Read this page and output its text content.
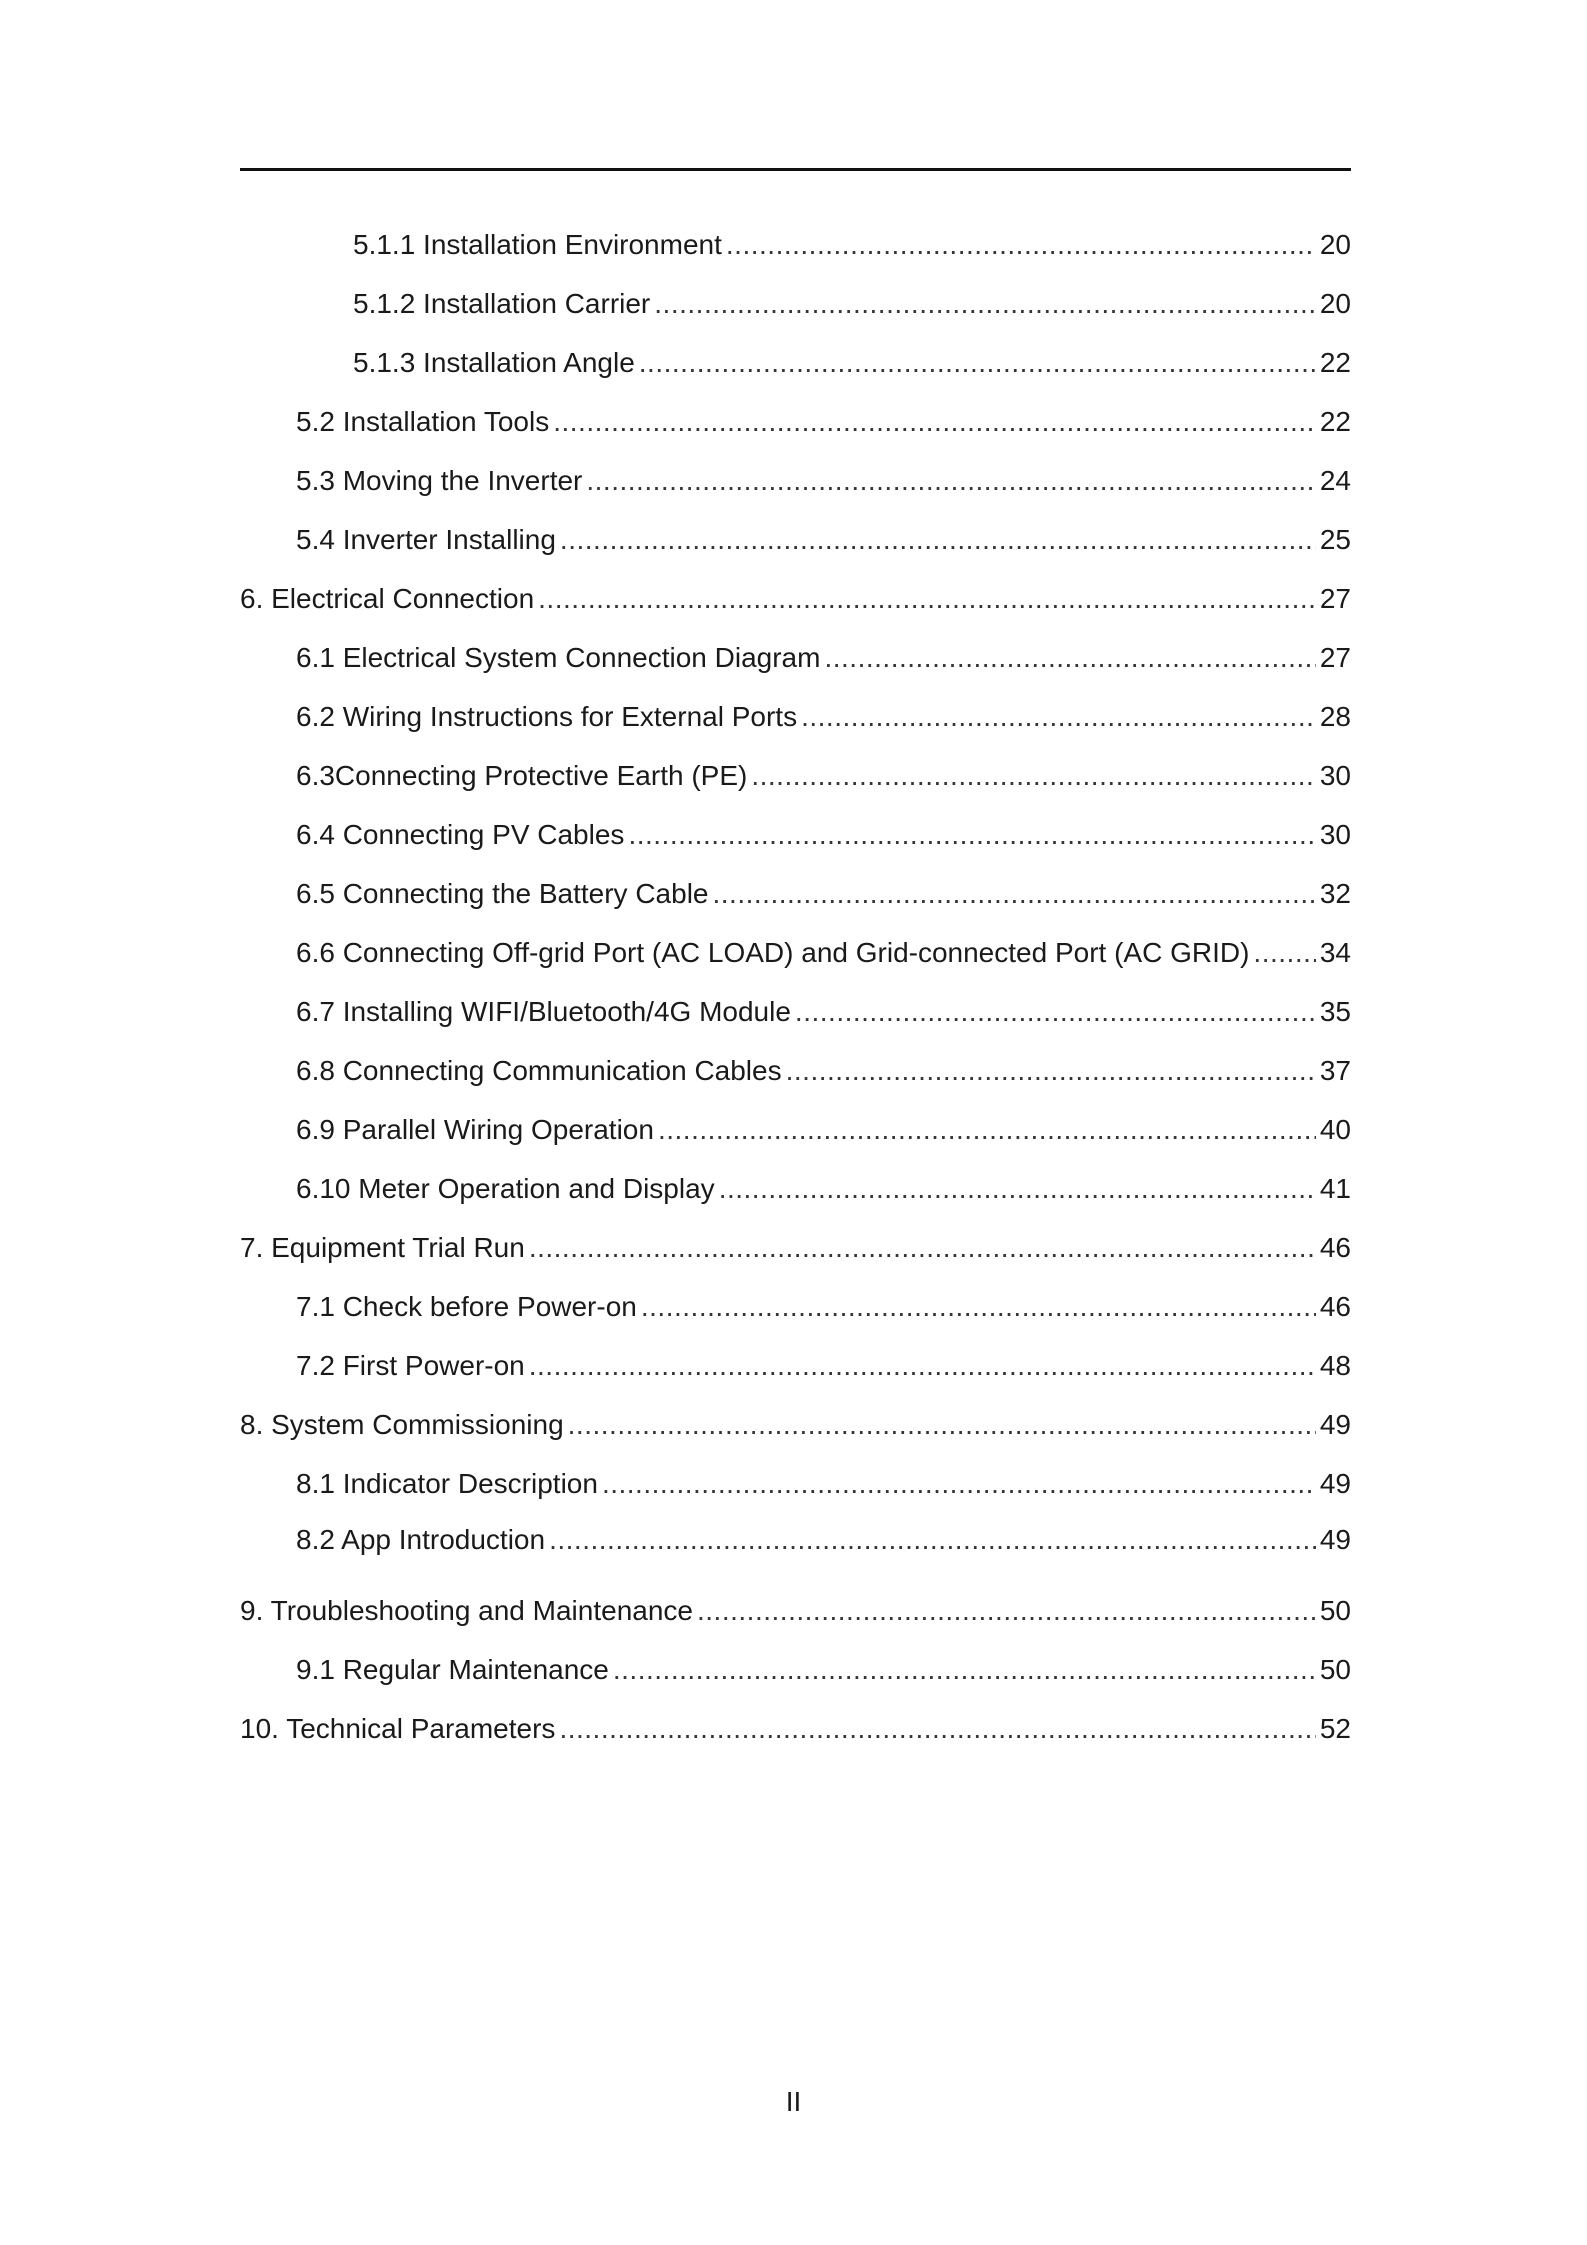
5.1.1 Installation Environment .....	20
5.1.2 Installation Carrier .....	20
5.1.3 Installation Angle .....	22
5.2 Installation Tools .....	22
5.3 Moving the Inverter .....	24
5.4 Inverter Installing .....	25
6. Electrical Connection .....	27
6.1 Electrical System Connection Diagram .....	27
6.2 Wiring Instructions for External Ports .....	28
6.3Connecting Protective Earth (PE) .....	30
6.4 Connecting PV Cables .....	30
6.5 Connecting the Battery Cable .....	32
6.6 Connecting Off-grid Port (AC LOAD) and Grid-connected Port (AC GRID) .....	34
6.7 Installing WIFI/Bluetooth/4G Module .....	35
6.8 Connecting Communication Cables .....	37
6.9 Parallel Wiring Operation .....	40
6.10 Meter Operation and Display .....	41
7. Equipment Trial Run .....	46
7.1 Check before Power-on .....	46
7.2 First Power-on .....	48
8. System Commissioning .....	49
8.1 Indicator Description .....	49
8.2 App Introduction .....	49
9. Troubleshooting and Maintenance .....	50
9.1 Regular Maintenance .....	50
10. Technical Parameters .....	52
II
